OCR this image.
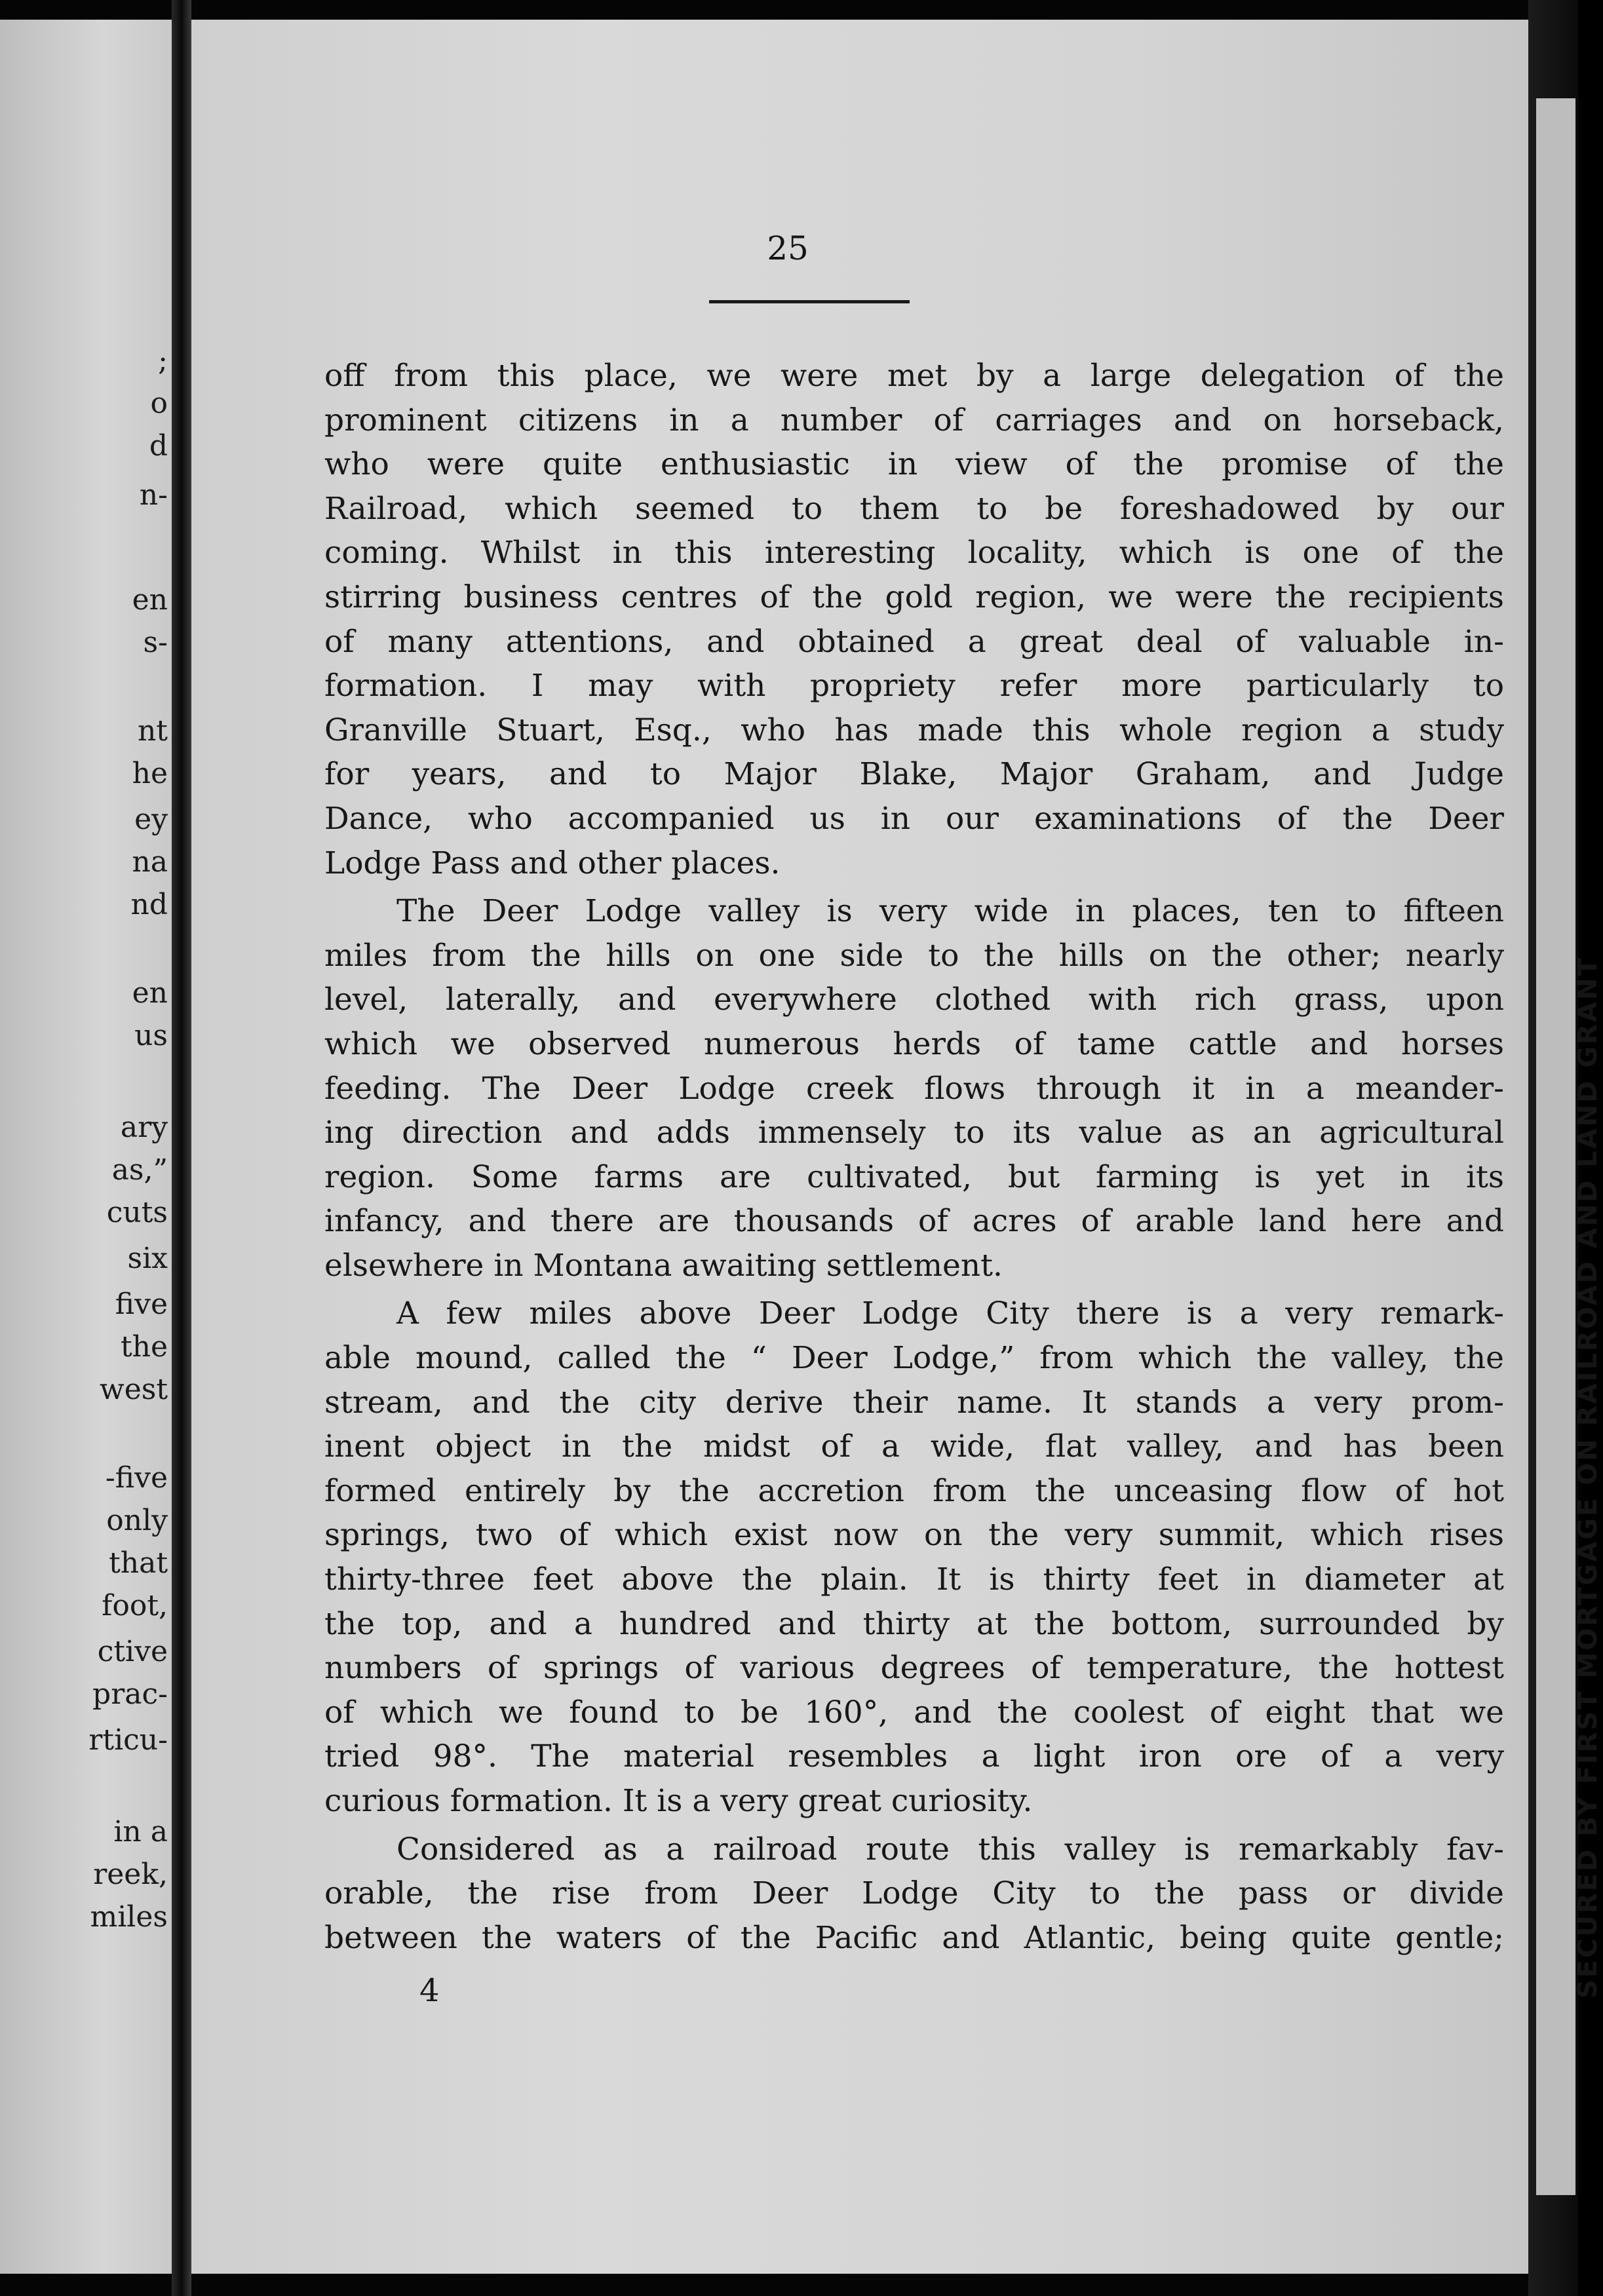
;
o
d
n-
en
s-
nt
he
ey
na
nd
en
us
ary
as,”
cuts
six
five
the
west
-five
only
that
foot,
ctive
prac-
rticu-
in a
reek,
miles
25
off from this place, we were met by a large delegation of the
prominent citizens in a number of carriages and on horseback,
who were quite enthusiastic in view of the promise of the
Railroad, which seemed to them to be foreshadowed by our
coming. Whilst in this interesting locality, which is one of the
stirring business centres of the gold region, we were the recipients
of many attentions, and obtained a great deal of valuable in-
formation. I may with propriety refer more particularly to
Granville Stuart, Esq., who has made this whole region a study
for years, and to Major Blake, Major Graham, and Judge
Dance, who accompanied us in our examinations of the Deer
Lodge Pass and other places.
The Deer Lodge valley is very wide in places, ten to fifteen
miles from the hills on one side to the hills on the other; nearly
level, laterally, and everywhere clothed with rich grass, upon
which we observed numerous herds of tame cattle and horses
feeding. The Deer Lodge creek flows through it in a meander-
ing direction and adds immensely to its value as an agricultural
region. Some farms are cultivated, but farming is yet in its
infancy, and there are thousands of acres of arable land here and
elsewhere in Montana awaiting settlement.
A few miles above Deer Lodge City there is a very remark-
able mound, called the “ Deer Lodge,” from which the valley, the
stream, and the city derive their name. It stands a very prom-
inent object in the midst of a wide, flat valley, and has been
formed entirely by the accretion from the unceasing flow of hot
springs, two of which exist now on the very summit, which rises
thirty-three feet above the plain. It is thirty feet in diameter at
the top, and a hundred and thirty at the bottom, surrounded by
numbers of springs of various degrees of temperature, the hottest
of which we found to be 160°, and the coolest of eight that we
tried 98°. The material resembles a light iron ore of a very
curious formation. It is a very great curiosity.
Considered as a railroad route this valley is remarkably fav-
orable, the rise from Deer Lodge City to the pass or divide
between the waters of the Pacific and Atlantic, being quite gentle;
4	SECURED BY FIRST MORTGAGE ON RAILROAD AND LAND GRANT
